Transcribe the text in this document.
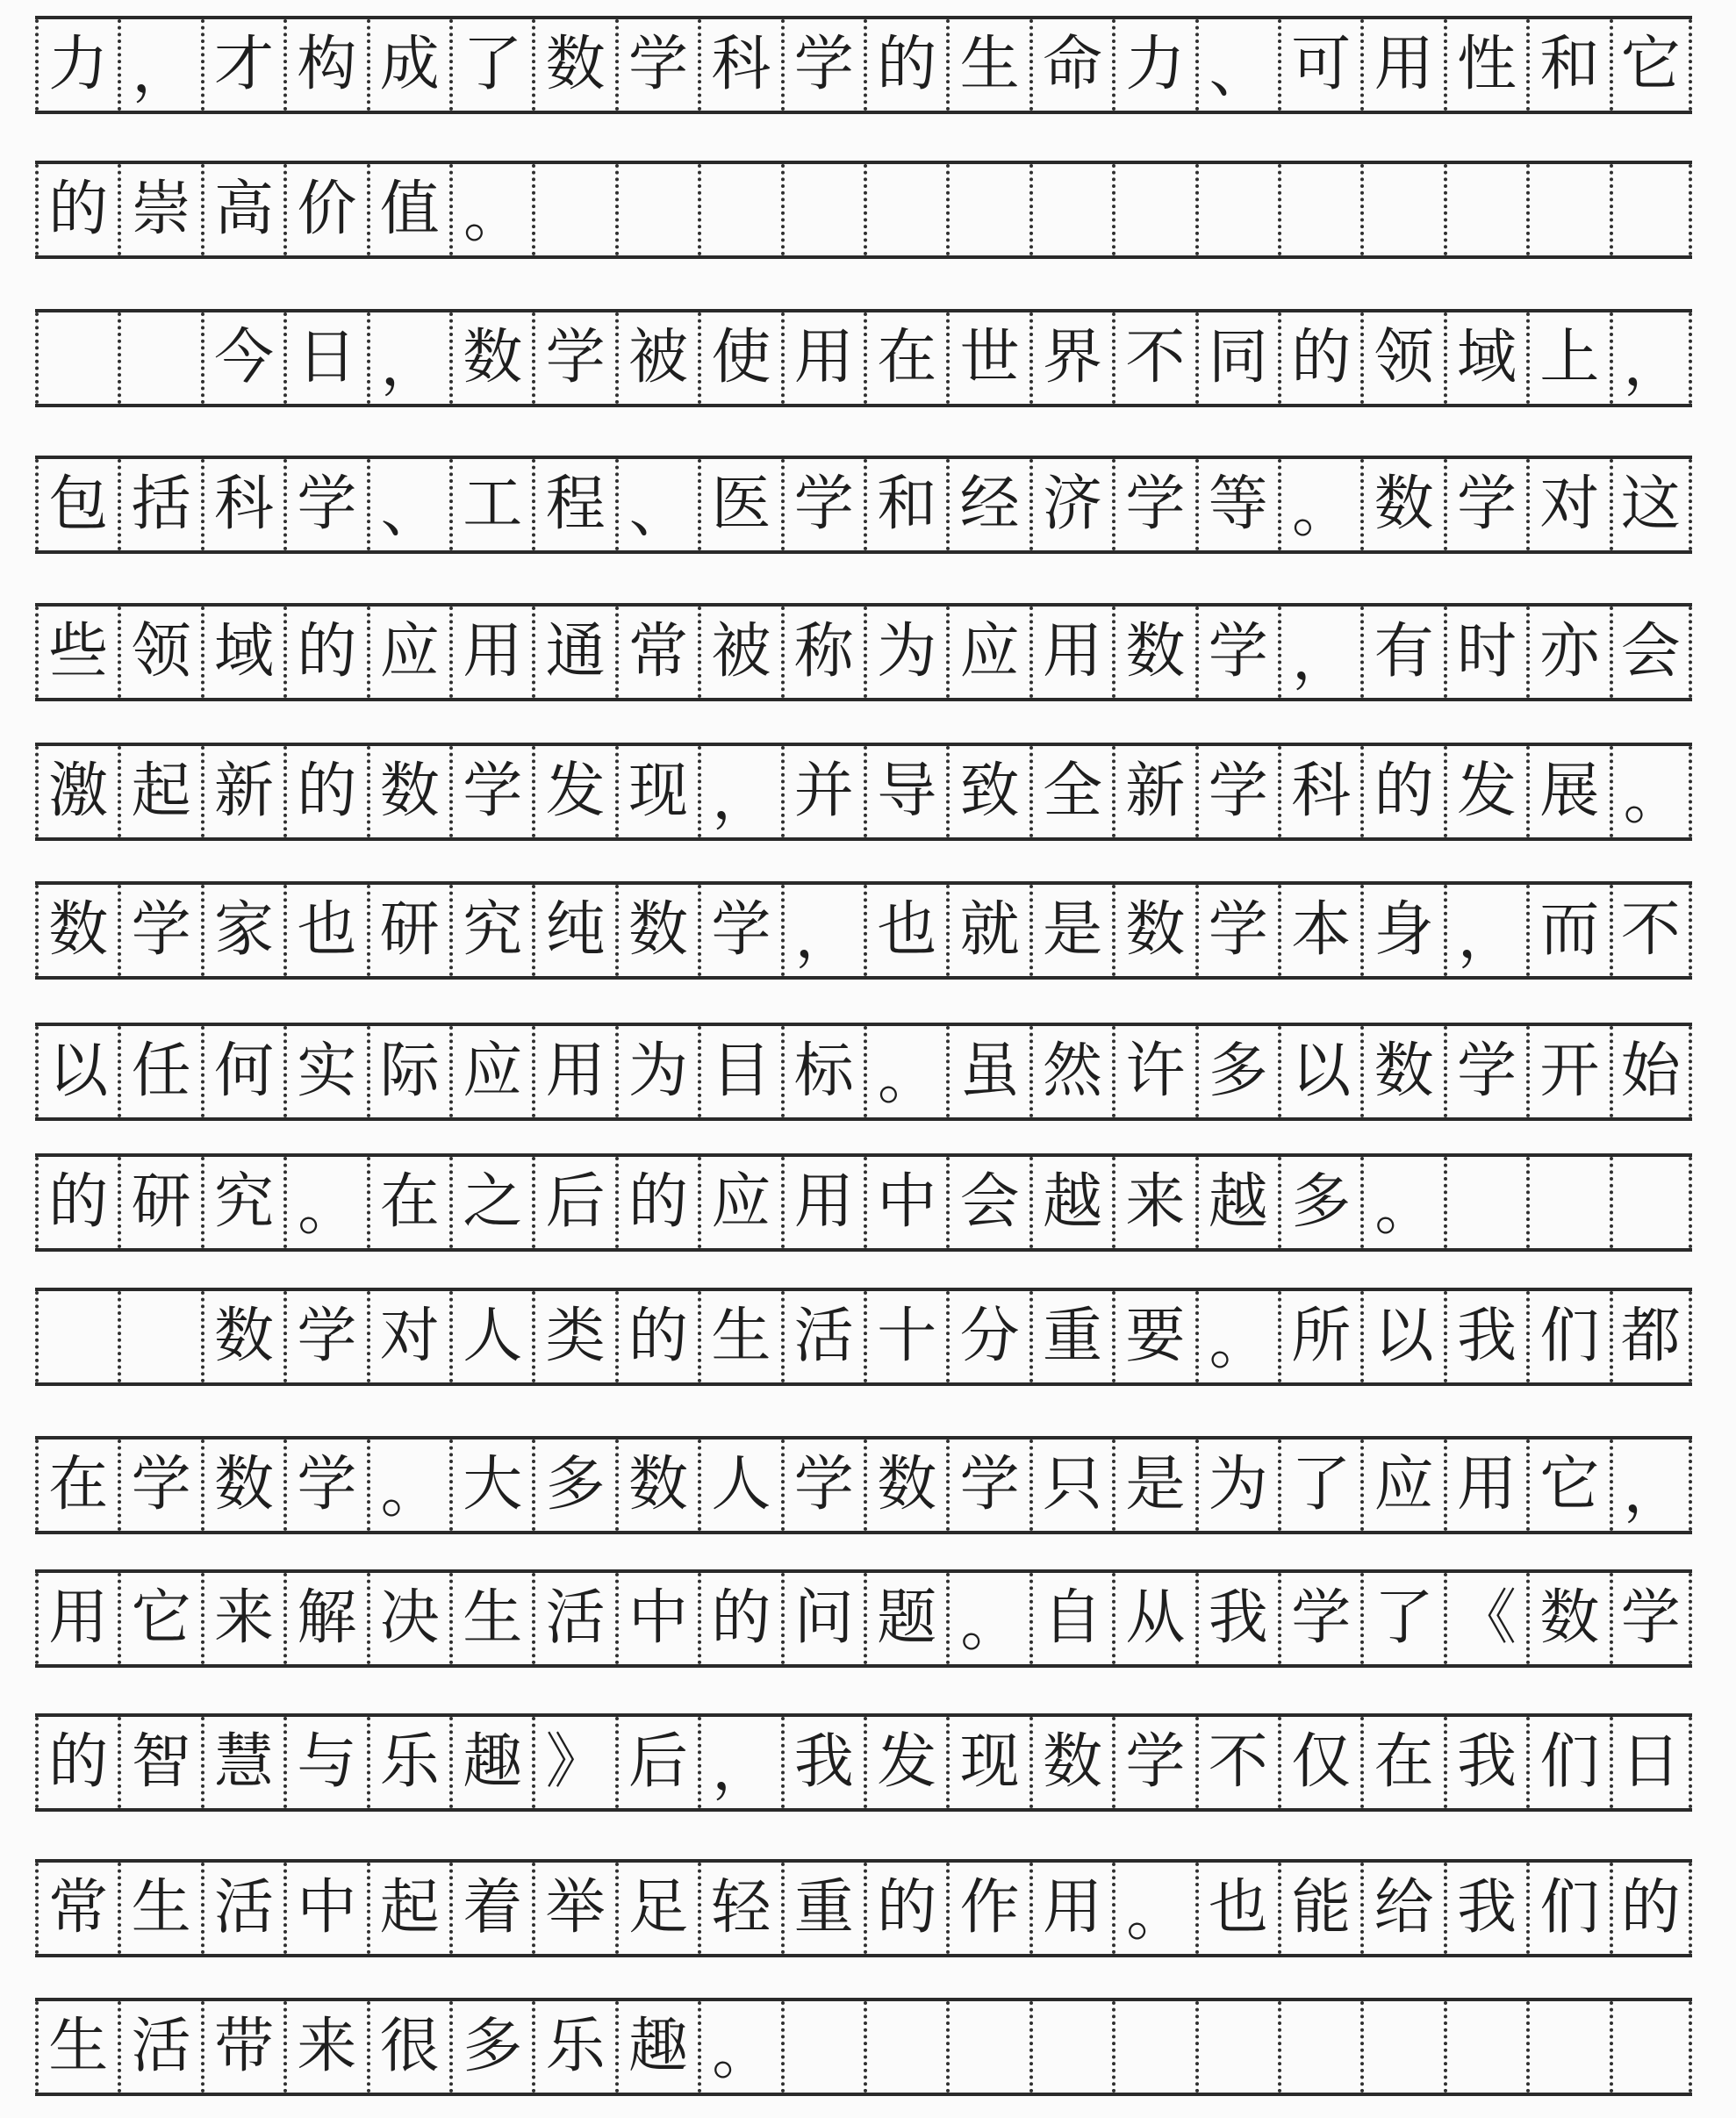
力 ， 才 构 成 了 数 学 科 学 的 生 命 力 、 可 用 性 和 它
的 崇 高 价 值 。
今 日 ， 数 学 被 使 用 在 世 界 不 同 的 领 域 上 ，
包 括 科 学 、 工 程 、 医 学 和 经 济 学 等 。 数 学 对 这
些 领 域 的 应 用 通 常 被 称 为 应 用 数 学 ， 有 时 亦 会
激 起 新 的 数 学 发 现 ， 并 导 致 全 新 学 科 的 发 展 。
数 学 家 也 研 究 纯 数 学 ， 也 就 是 数 学 本 身 ， 而 不
以 任 何 实 际 应 用 为 目 标 。 虽 然 许 多 以 数 学 开 始
的 研 究 。 在 之 后 的 应 用 中 会 越 来 越 多 。
数 学 对 人 类 的 生 活 十 分 重 要 。 所 以 我 们 都
在 学 数 学 。 大 多 数 人 学 数 学 只 是 为 了 应 用 它 ，
用 它 来 解 决 生 活 中 的 问 题 。 自 从 我 学 了 《 数 学
的 智 慧 与 乐 趣 》 后 ， 我 发 现 数 学 不 仅 在 我 们 日
常 生 活 中 起 着 举 足 轻 重 的 作 用 。 也 能 给 我 们 的
生 活 带 来 很 多 乐 趣 。
